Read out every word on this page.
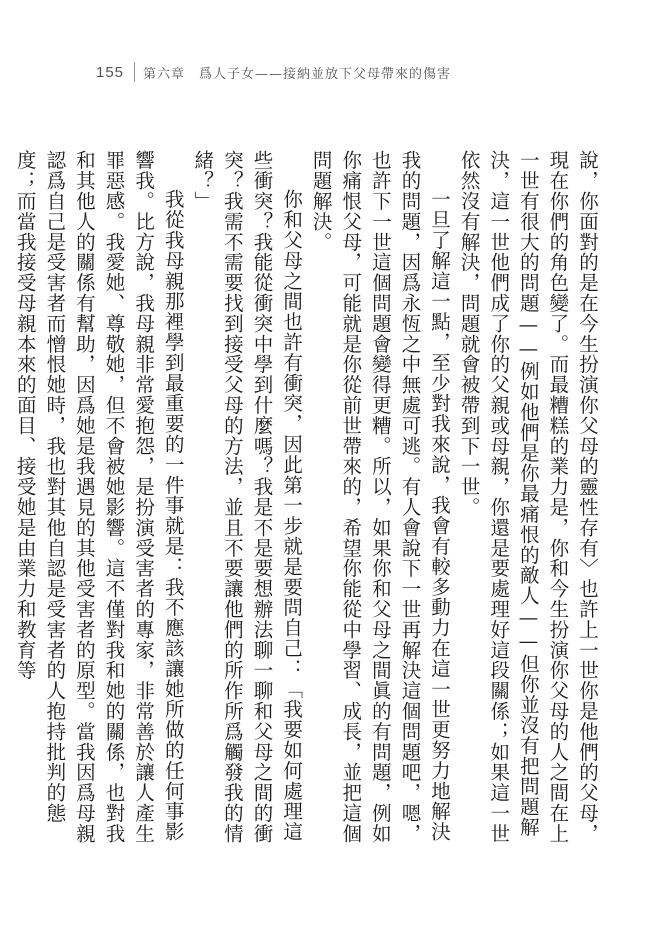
155 第六章　爲人子女——接納並放下父母帶來的傷害

說，你面對的是在今生扮演你父母的靈性存有〉也許上一世你是他們的父母，現在你們的角色變了。而最糟糕的業力是，你和今生扮演你父母的人之間在上一世有很大的問題——例如他們是你最痛恨的敵人——但你並沒有把問題解決，這一世他們成了你的父親或母親，你還是要處理好這段關係；如果這一世依然沒有解決，問題就會被帶到下一世。

一旦了解這一點，至少對我來說，我會有較多動力在這一世更努力地解決我的問題，因爲永恆之中無處可逃。有人會說下一世再解決這個問題吧，嗯，也許下一世這個問題會變得更糟。所以，如果你和父母之間眞的有問題，例如你痛恨父母，可能就是你從前世帶來的，希望你能從中學習、成長，並把這個問題解決。

你和父母之間也許有衝突，因此第一步就是要問自己：「我要如何處理這些衝突？我能從衝突中學到什麼嗎？我是不是要想辦法聊一聊和父母之間的衝突？我需不需要找到接受父母的方法，並且不要讓他們的所作所爲觸發我的情緒？」

我從我母親那裡學到最重要的一件事就是：我不應該讓她所做的任何事影響我。比方說，我母親非常愛抱怨，是扮演受害者的專家，非常善於讓人產生罪惡感。我愛她、尊敬她，但不會被她影響。這不僅對我和她的關係，也對我和其他人的關係有幫助，因爲她是我遇見的其他受害者的原型。當我因爲母親認爲自己是受害者而憎恨她時，我也對其他自認是受害者的人抱持批判的態度；而當我接受母親本來的面目、接受她是由業力和教育等
